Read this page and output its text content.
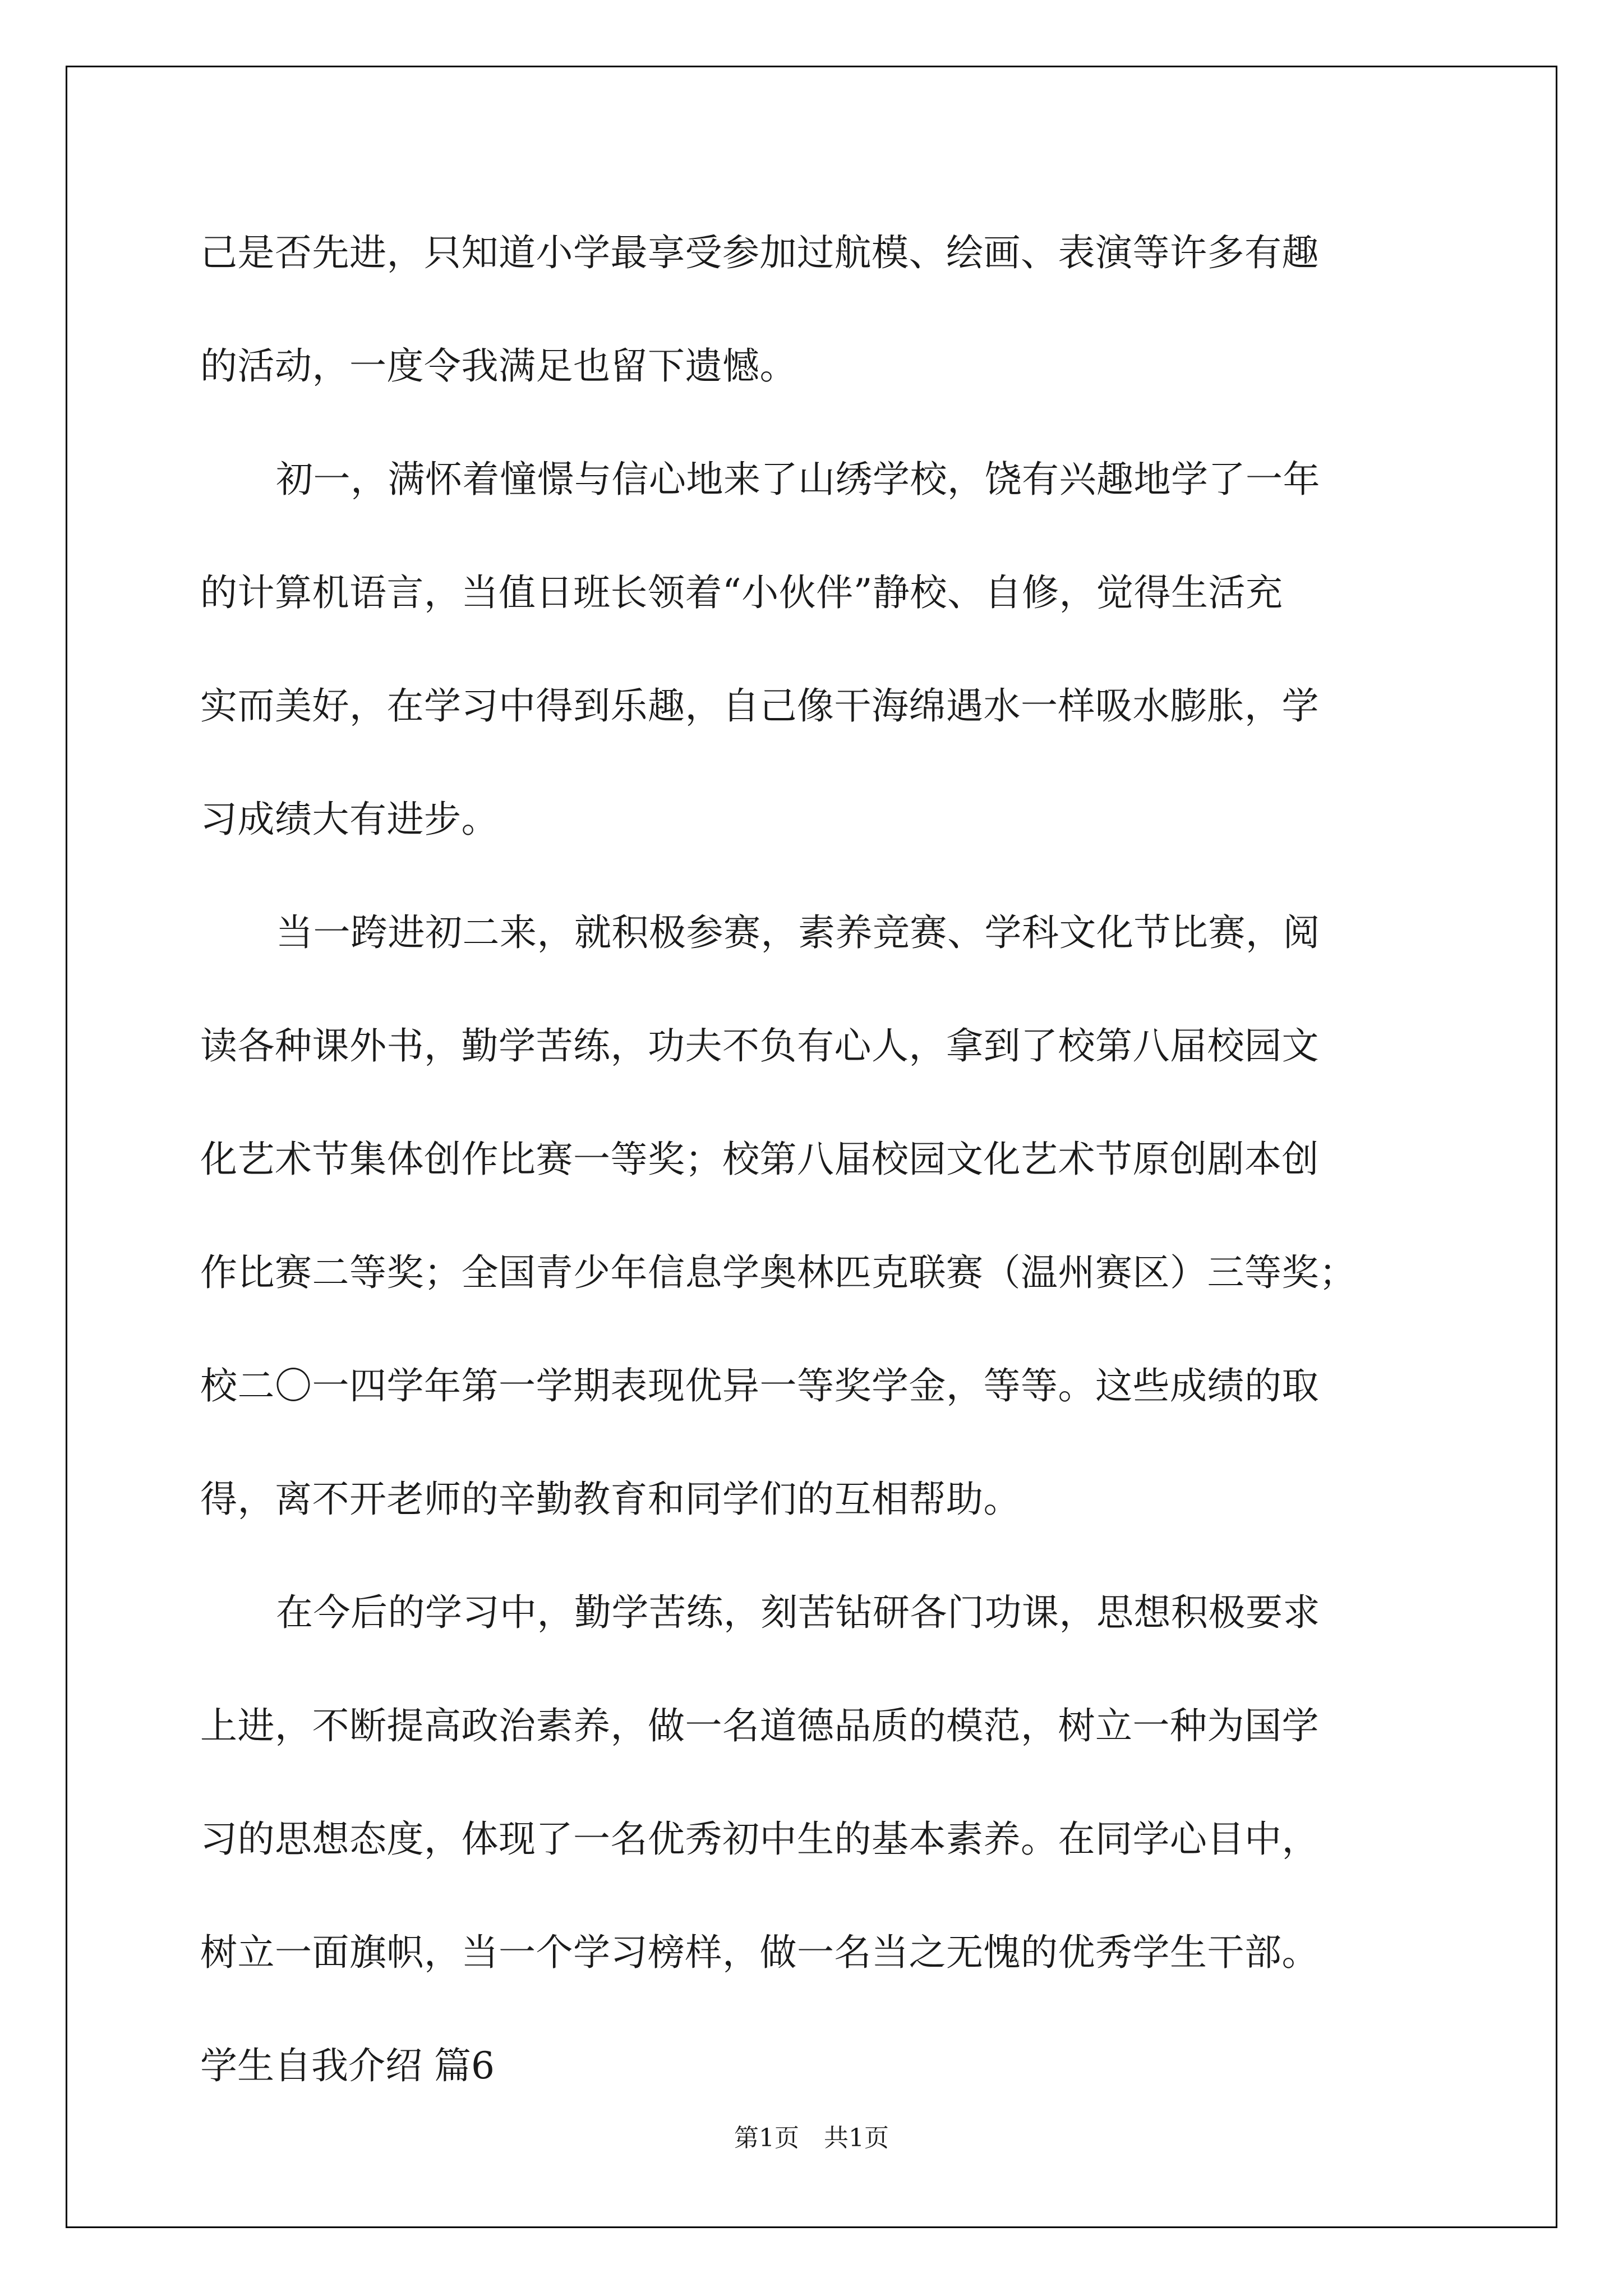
己是否先进，只知道小学最享受参加过航模、绘画、表演等许多有趣
的活动，一度令我满足也留下遗憾。
初一，满怀着憧憬与信心地来了山绣学校，饶有兴趣地学了一年
的计算机语言，当值日班长领着“小伙伴”静校、自修，觉得生活充
实而美好，在学习中得到乐趣，自己像干海绵遇水一样吸水膨胀，学
习成绩大有进步。
当一跨进初二来，就积极参赛，素养竞赛、学科文化节比赛，阅
读各种课外书，勤学苦练，功夫不负有心人，拿到了校第八届校园文
化艺术节集体创作比赛一等奖；校第八届校园文化艺术节原创剧本创
作比赛二等奖；全国青少年信息学奥林匹克联赛（温州赛区）三等奖；
校二〇一四学年第一学期表现优异一等奖学金，等等。这些成绩的取
得，离不开老师的辛勤教育和同学们的互相帮助。
在今后的学习中，勤学苦练，刻苦钻研各门功课，思想积极要求
上进，不断提高政治素养，做一名道德品质的模范，树立一种为国学
习的思想态度，体现了一名优秀初中生的基本素养。在同学心目中，
树立一面旗帜，当一个学习榜样，做一名当之无愧的优秀学生干部。
学生自我介绍 篇6
第1页　共1页
